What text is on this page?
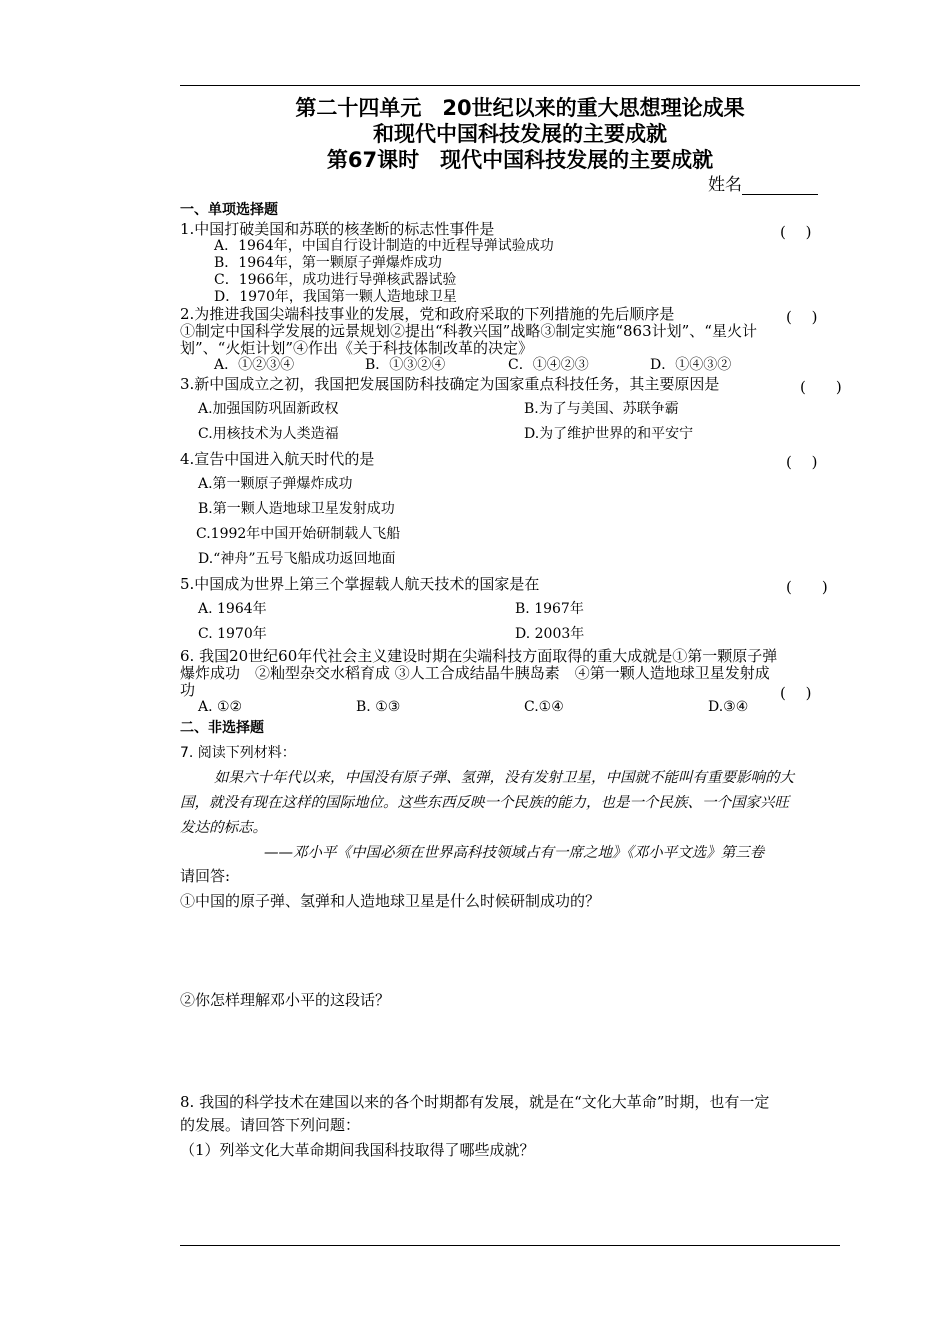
第二十四单元　20世纪以来的重大思想理论成果
和现代中国科技发展的主要成就
第67课时　现代中国科技发展的主要成就
姓名
一、单项选择题
1.中国打破美国和苏联的核垄断的标志性事件是	(　 )
A．1964年，中国自行设计制造的中近程导弹试验成功
B．1964年，第一颗原子弹爆炸成功
C．1966年，成功进行导弹核武器试验
D．1970年，我国第一颗人造地球卫星
2.为推进我国尖端科技事业的发展，党和政府采取的下列措施的先后顺序是	(　 )
①制定中国科学发展的远景规划②提出“科教兴国”战略③制定实施“863计划”、“星火计
划”、“火炬计划”④作出《关于科技体制改革的决定》
A．①②③④	B．①③②④	C．①④②③	D．①④③②
3.新中国成立之初，我国把发展国防科技确定为国家重点科技任务，其主要原因是	(　　)
A.加强国防巩固新政权	B.为了与美国、苏联争霸
C.用核技术为人类造福	D.为了维护世界的和平安宁
4.宣告中国进入航天时代的是	(　 )
A.第一颗原子弹爆炸成功
B.第一颗人造地球卫星发射成功
C.1992年中国开始研制载人飞船
D.“神舟”五号飞船成功返回地面
5.中国成为世界上第三个掌握载人航天技术的国家是在	(　　)
A. 1964年	B. 1967年
C. 1970年	D. 2003年
6. 我国20世纪60年代社会主义建设时期在尖端科技方面取得的重大成就是①第一颗原子弹
爆炸成功　②籼型杂交水稻育成 ③人工合成结晶牛胰岛素　④第一颗人造地球卫星发射成
功	(　 )
A. ①②	B. ①③	C.①④	D.③④
二、非选择题
7. 阅读下列材料：
如果六十年代以来，中国没有原子弹、氢弹，没有发射卫星，中国就不能叫有重要影响的大
国，就没有现在这样的国际地位。这些东西反映一个民族的能力，也是一个民族、一个国家兴旺
发达的标志。
——邓小平《中国必须在世界高科技领域占有一席之地》《邓小平文选》第三卷
请回答:
①中国的原子弹、氢弹和人造地球卫星是什么时候研制成功的？
②你怎样理解邓小平的这段话？
8. 我国的科学技术在建国以来的各个时期都有发展，就是在“文化大革命”时期，也有一定
的发展。请回答下列问题：
（1）列举文化大革命期间我国科技取得了哪些成就？
